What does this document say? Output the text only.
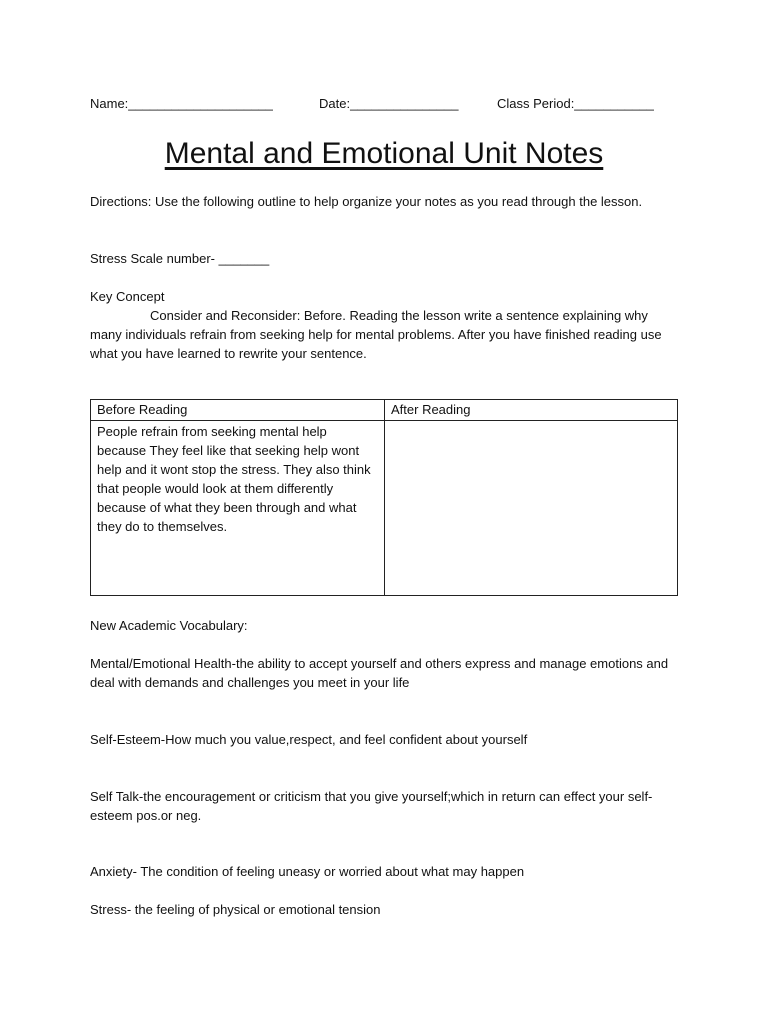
Name:____________________	Date:_______________	Class Period:___________
Mental and Emotional Unit Notes
Directions: Use the following outline to help organize your notes as you read through the lesson.
Stress Scale number- _______
Key Concept
Consider and Reconsider: Before. Reading the lesson write a sentence explaining why many individuals refrain from seeking help for mental problems. After you have finished reading use what you have learned to rewrite your sentence.
Before Reading	After Reading
People refrain from seeking mental help because They feel like that seeking help wont help and it wont stop the stress. They also think that people would look at them differently because of what they been through and what they do to themselves.	
New Academic Vocabulary:
Mental/Emotional Health-the ability to accept yourself and others express and manage emotions and deal with demands and challenges you meet in your life
Self-Esteem-How much you value,respect, and feel confident about yourself
Self Talk-the encouragement or criticism that you give yourself;which in return can effect your self-esteem pos.or neg.
Anxiety- The condition of feeling uneasy or worried about what may happen
Stress- the feeling of physical or emotional tension
